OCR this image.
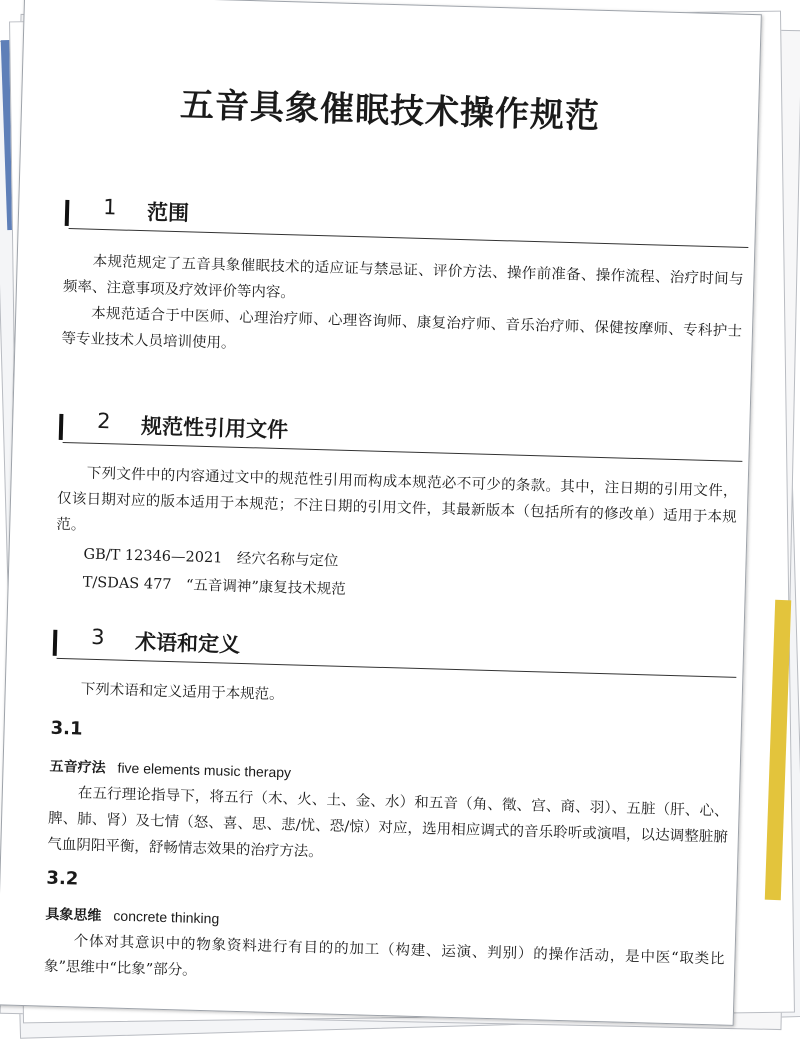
五音具象催眠技术操作规范
1 范围

本规范规定了五音具象催眠技术的适应证与禁忌证、评价方法、操作前准备、操作流程、治疗时间与频率、注意事项及疗效评价等内容。

本规范适合于中医师、心理治疗师、心理咨询师、康复治疗师、音乐治疗师、保健按摩师、专科护士等专业技术人员培训使用。

2 规范性引用文件

下列文件中的内容通过文中的规范性引用而构成本规范必不可少的条款。其中，注日期的引用文件，仅该日期对应的版本适用于本规范；不注日期的引用文件，其最新版本（包括所有的修改单）适用于本规范。

GB/T 12346—2021　经穴名称与定位
T/SDAS 477　“五音调神”康复技术规范
3 术语和定义

下列术语和定义适用于本规范。

3.1
五音疗法 five elements music therapy

在五行理论指导下，将五行（木、火、土、金、水）和五音（角、徵、宫、商、羽）、五脏（肝、心、脾、肺、肾）及七情（怒、喜、思、悲/忧、恐/惊）对应，选用相应调式的音乐聆听或演唱，以达调整脏腑气血阴阳平衡，舒畅情志效果的治疗方法。

3.2
具象思维 concrete thinking

个体对其意识中的物象资料进行有目的的加工（构建、运演、判别）的操作活动，是中医“取类比象”思维中“比象”部分。
